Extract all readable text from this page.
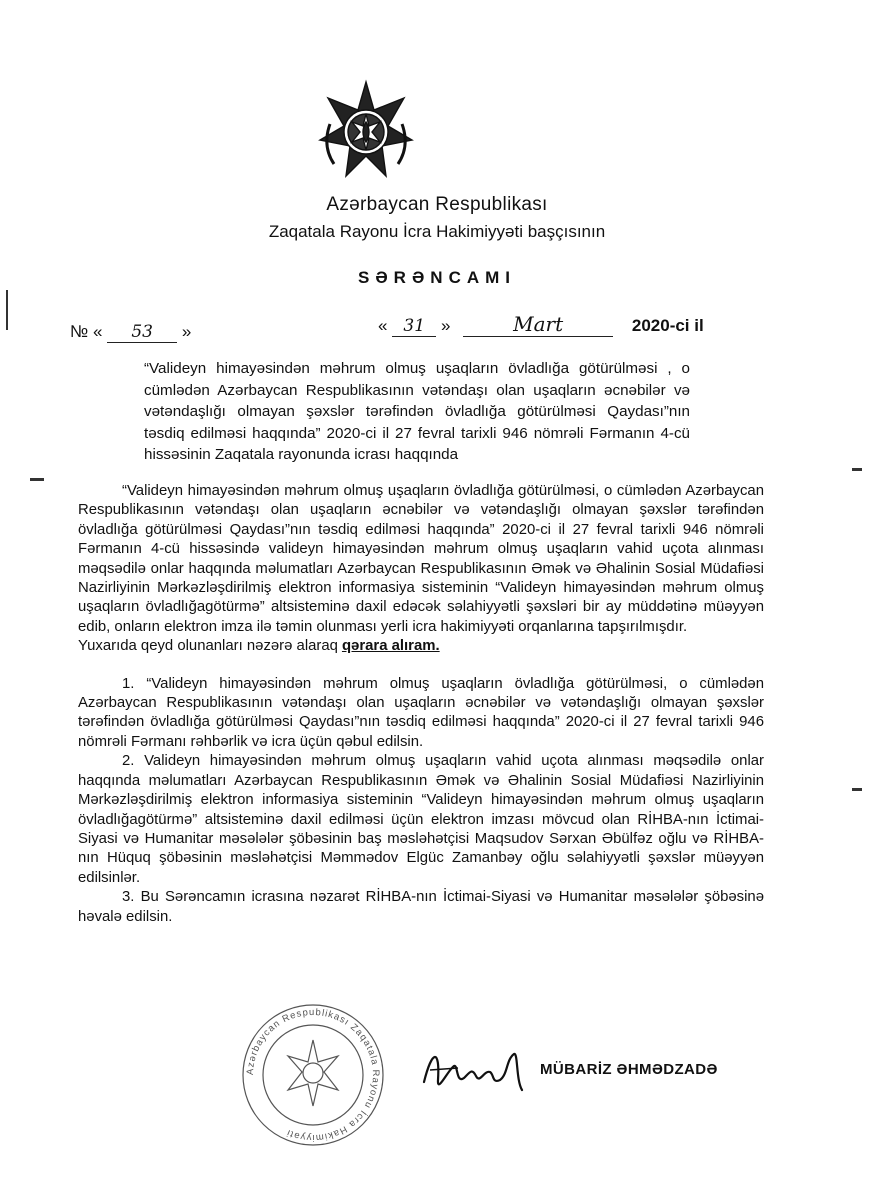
Azərbaycan Respublikası
Zaqatala Rayonu İcra Hakimiyyəti başçısının
SƏRƏNCAMI
№ « 53 »	« 31 »	Mart	2020-ci il
“Valideyn himayəsindən məhrum olmuş uşaqların övladlığa götürülməsi , o cümlədən Azərbaycan Respublikasının vətəndaşı olan uşaqların əcnəbilər və vətəndaşlığı olmayan şəxslər tərəfindən övladlığa götürülməsi Qaydası”nın təsdiq edilməsi haqqında” 2020-ci il 27 fevral tarixli 946 nömrəli Fərmanın 4-cü hissəsinin Zaqatala rayonunda icrası haqqında

“Valideyn himayəsindən məhrum olmuş uşaqların övladlığa götürülməsi, o cümlədən Azərbaycan Respublikasının vətəndaşı olan uşaqların əcnəbilər və vətəndaşlığı olmayan şəxslər tərəfindən övladlığa götürülməsi Qaydası”nın təsdiq edilməsi haqqında” 2020-ci il 27 fevral tarixli 946 nömrəli Fərmanın 4-cü hissəsində valideyn himayəsindən məhrum olmuş uşaqların vahid uçota alınması məqsədilə onlar haqqında məlumatları Azərbaycan Respublikasının Əmək və Əhalinin Sosial Müdafiəsi Nazirliyinin Mərkəzləşdirilmiş elektron informasiya sisteminin “Valideyn himayəsindən məhrum olmuş uşaqların övladlığagötürmə” altsisteminə daxil edəcək səlahiyyətli şəxsləri bir ay müddətinə müəyyən edib, onların elektron imza ilə təmin olunması yerli icra hakimiyyəti orqanlarına tapşırılmışdır.

Yuxarıda qeyd olunanları nəzərə alaraq qərara alıram.

1. “Valideyn himayəsindən məhrum olmuş uşaqların övladlığa götürülməsi, o cümlədən Azərbaycan Respublikasının vətəndaşı olan uşaqların əcnəbilər və vətəndaşlığı olmayan şəxslər tərəfindən övladlığa götürülməsi Qaydası”nın təsdiq edilməsi haqqında” 2020-ci il 27 fevral tarixli 946 nömrəli Fərmanı rəhbərlik və icra üçün qəbul edilsin.

2. Valideyn himayəsindən məhrum olmuş uşaqların vahid uçota alınması məqsədilə onlar haqqında məlumatları Azərbaycan Respublikasının Əmək və Əhalinin Sosial Müdafiəsi Nazirliyinin Mərkəzləşdirilmiş elektron informasiya sisteminin “Valideyn himayəsindən məhrum olmuş uşaqların övladlığagötürmə” altsisteminə daxil edilməsi üçün elektron imzası mövcud olan RİHBA-nın İctimai-Siyasi və Humanitar məsələlər şöbəsinin baş məsləhətçisi Maqsudov Sərxan Əbülfəz oğlu və RİHBA-nın Hüquq şöbəsinin məsləhətçisi Məmmədov Elgüc Zamanbəy oğlu səlahiyyətli şəxslər müəyyən edilsinlər.

3. Bu Sərəncamın icrasına nəzarət RİHBA-nın İctimai-Siyasi və Humanitar məsələlər şöbəsinə həvalə edilsin.

Azərbaycan Respublikası Zaqatala Rayonu İcra Hakimiyyəti
MÜBARİZ ƏHMƏDZADƏ
